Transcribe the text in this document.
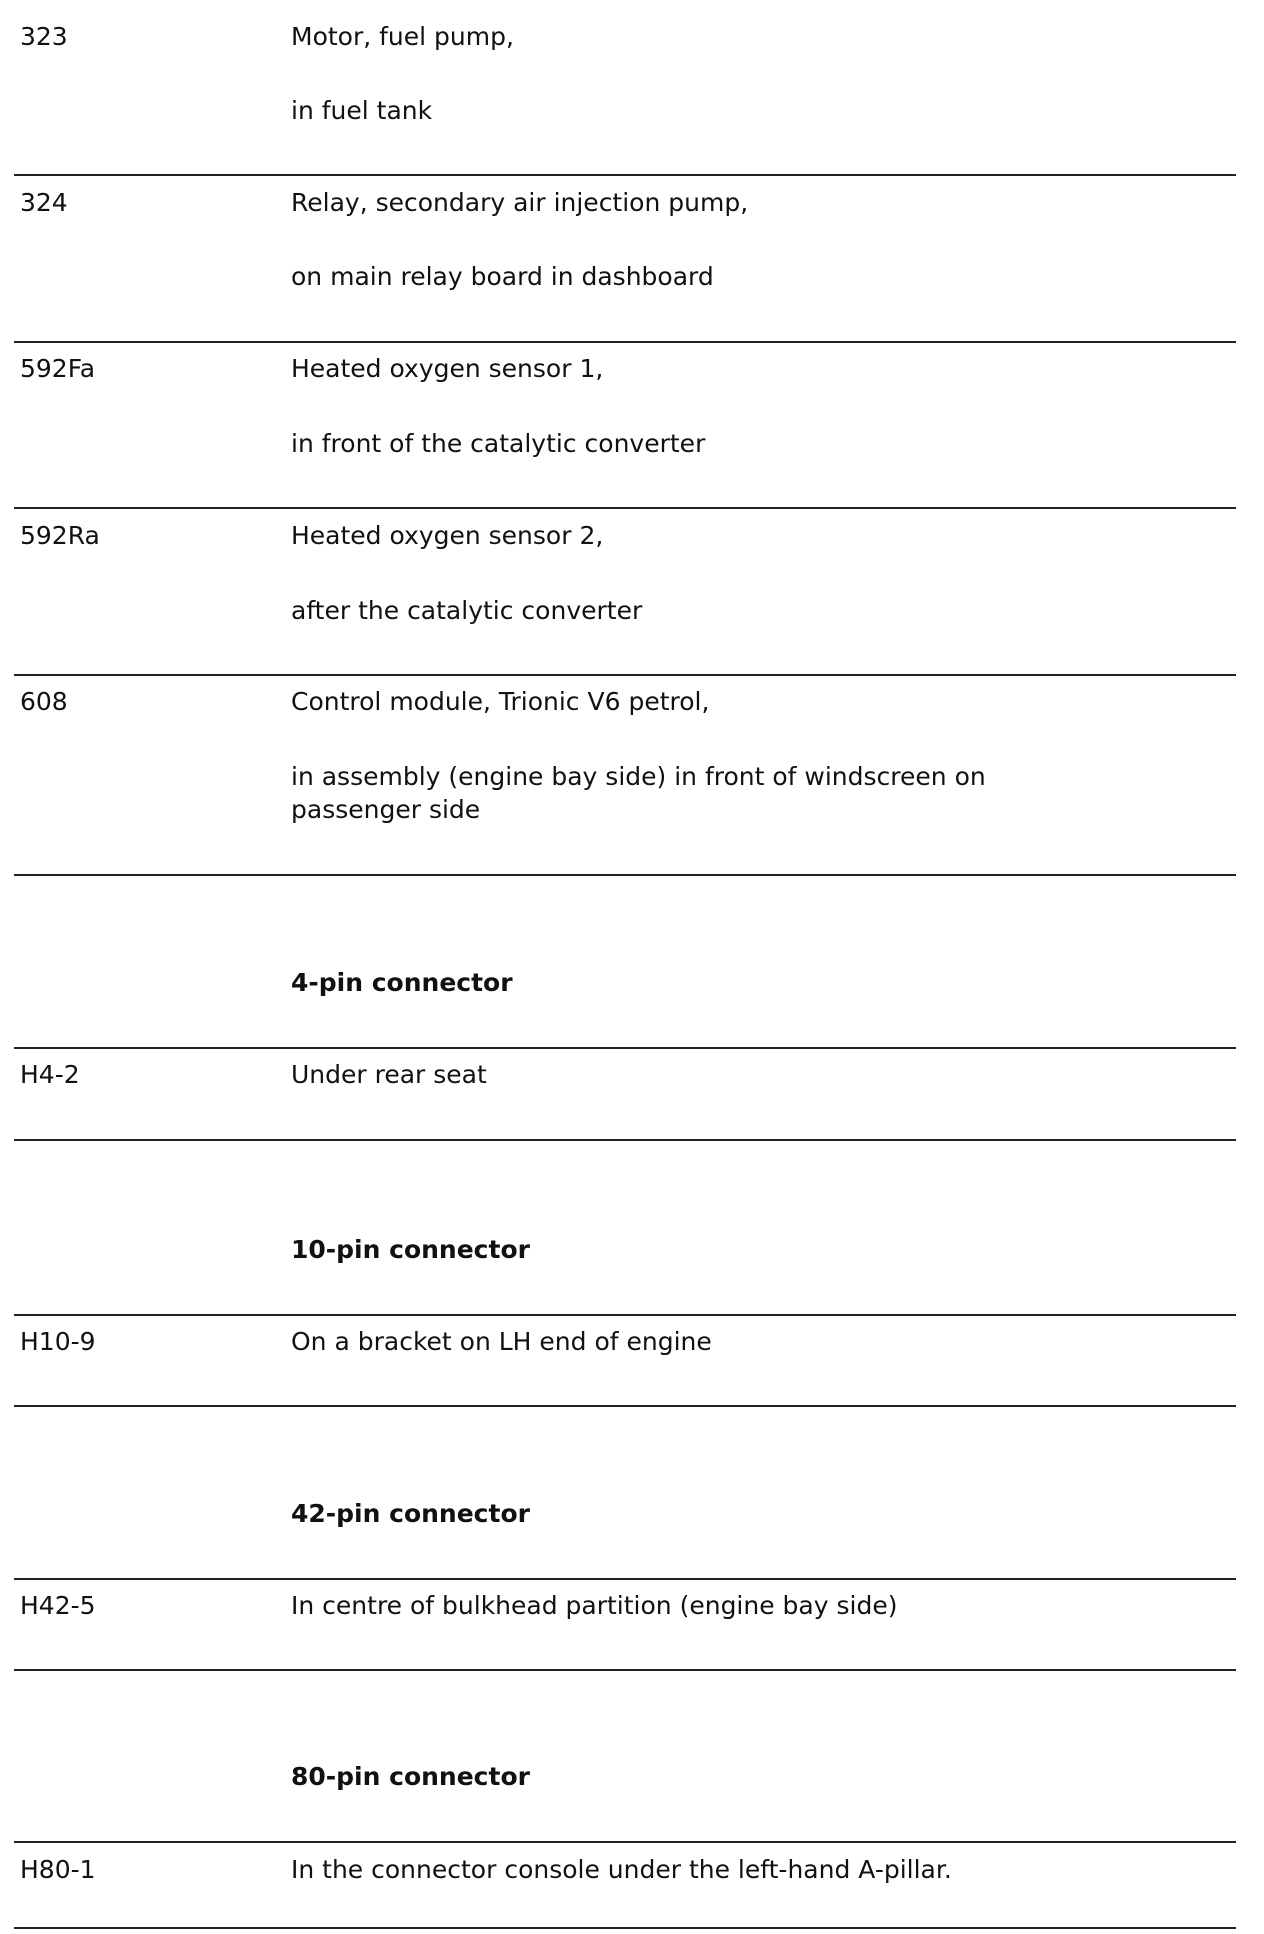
323	Motor, fuel pump,
in fuel tank
324	Relay, secondary air injection pump,
on main relay board in dashboard
592Fa	Heated oxygen sensor 1,
in front of the catalytic converter
592Ra	Heated oxygen sensor 2,
after the catalytic converter
608	Control module, Trionic V6 petrol,
in assembly (engine bay side) in front of windscreen on passenger side
4-pin connector
H4-2	Under rear seat
10-pin connector
H10-9	On a bracket on LH end of engine
42-pin connector
H42-5	In centre of bulkhead partition (engine bay side)
80-pin connector
H80-1	In the connector console under the left-hand A-pillar.
